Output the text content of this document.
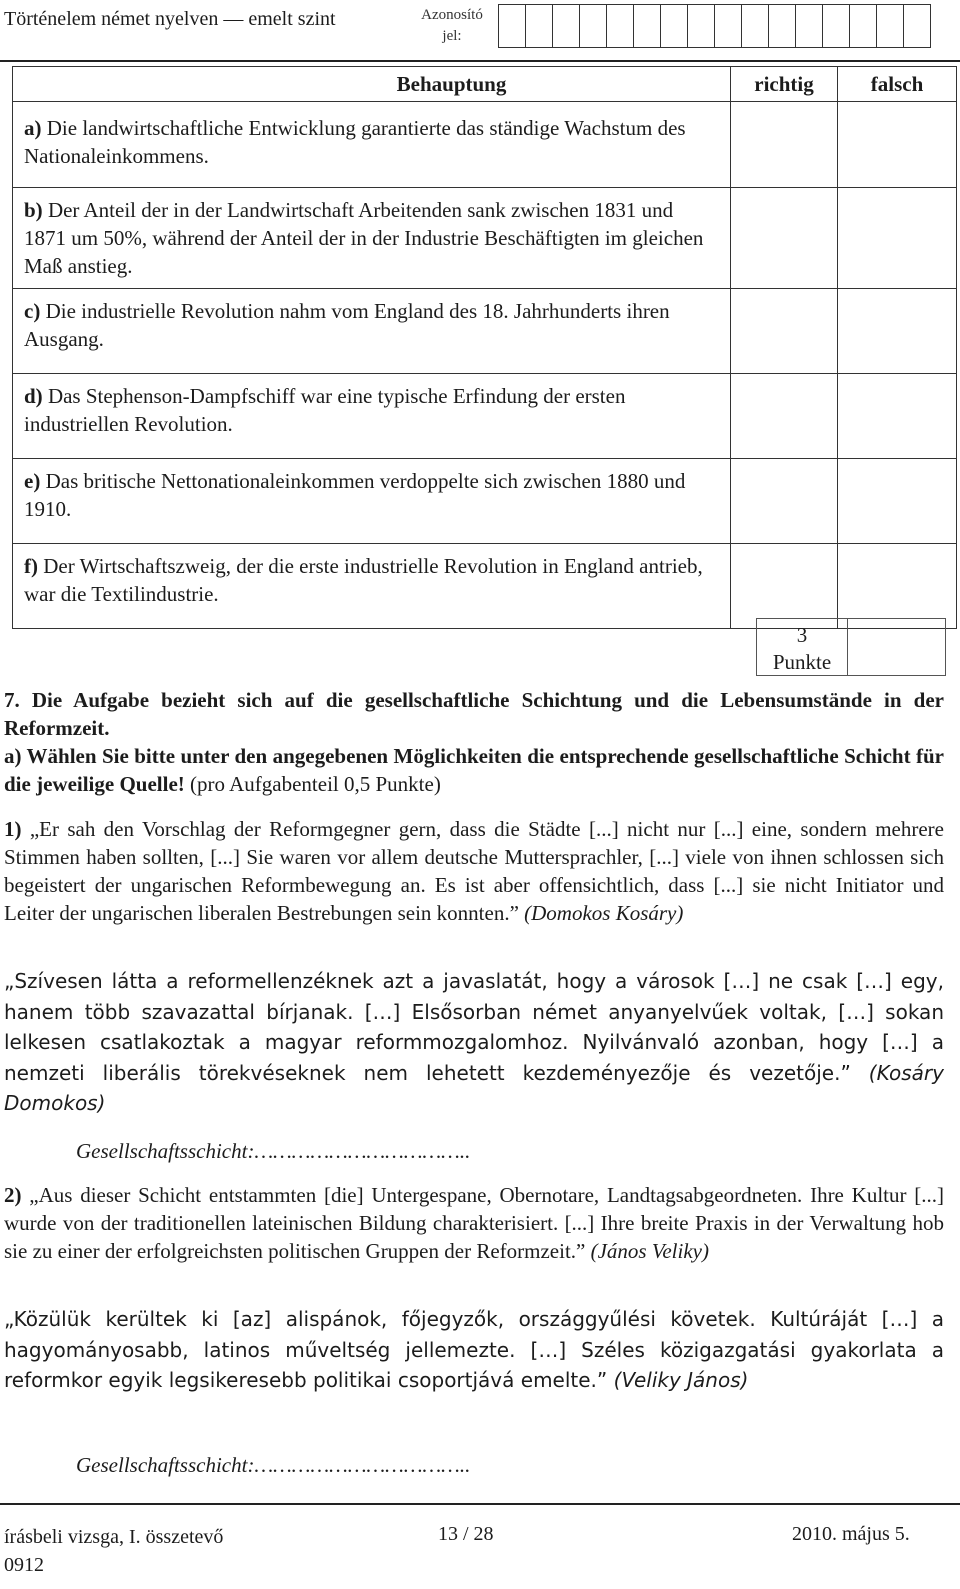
Történelem német nyelven — emelt szint	Azonosító
jel:
Behauptung	richtig	falsch
a) Die landwirtschaftliche Entwicklung garantierte das ständige Wachstum des Nationaleinkommens.		
b) Der Anteil der in der Landwirtschaft Arbeitenden sank zwischen 1831 und 1871 um 50%, während der Anteil der in der Industrie Beschäftigten im gleichen Maß anstieg.		
c) Die industrielle Revolution nahm vom England des 18. Jahrhunderts ihren Ausgang.		
d) Das Stephenson-Dampfschiff war eine typische Erfindung der ersten industriellen Revolution.		
e) Das britische Nettonationaleinkommen verdoppelte sich zwischen 1880 und 1910.		
f) Der Wirtschaftszweig, der die erste industrielle Revolution in England antrieb, war die Textilindustrie.		
3
Punkte
7. Die Aufgabe bezieht sich auf die gesellschaftliche Schichtung und die Lebensumstände in der Reformzeit.
a) Wählen Sie bitte unter den angegebenen Möglichkeiten die entsprechende gesellschaftliche Schicht für die jeweilige Quelle! (pro Aufgabenteil 0,5 Punkte)
1) „Er sah den Vorschlag der Reformgegner gern, dass die Städte [...] nicht nur [...] eine, sondern mehrere Stimmen haben sollten, [...] Sie waren vor allem deutsche Muttersprachler, [...] viele von ihnen schlossen sich begeistert der ungarischen Reformbewegung an. Es ist aber offensichtlich, dass [...] sie nicht Initiator und Leiter der ungarischen liberalen Bestrebungen sein konnten.” (Domokos Kosáry)
„Szívesen látta a reformellenzéknek azt a javaslatát, hogy a városok […] ne csak […] egy, hanem több szavazattal bírjanak. […] Elsősorban német anyanyelvűek voltak, […] sokan lelkesen csatlakoztak a magyar reformmozgalomhoz. Nyilvánvaló azonban, hogy […] a nemzeti liberális törekvéseknek nem lehetett kezdeményezője és vezetője.” (Kosáry Domokos)
Gesellschaftsschicht:……………………………..
2) „Aus dieser Schicht entstammten [die] Untergespane, Obernotare, Landtagsabgeordneten. Ihre Kultur [...] wurde von der traditionellen lateinischen Bildung charakterisiert. [...] Ihre breite Praxis in der Verwaltung hob sie zu einer der erfolgreichsten politischen Gruppen der Reformzeit.” (János Veliky)
„Közülük kerültek ki [az] alispánok, főjegyzők, országgyűlési követek. Kultúráját […] a hagyományosabb, latinos műveltség jellemezte. […] Széles közigazgatási gyakorlata a reformkor egyik legsikeresebb politikai csoportjává emelte.” (Veliky János)
Gesellschaftsschicht:……………………………..
írásbeli vizsga, I. összetevő
0912
13 / 28	2010. május 5.
